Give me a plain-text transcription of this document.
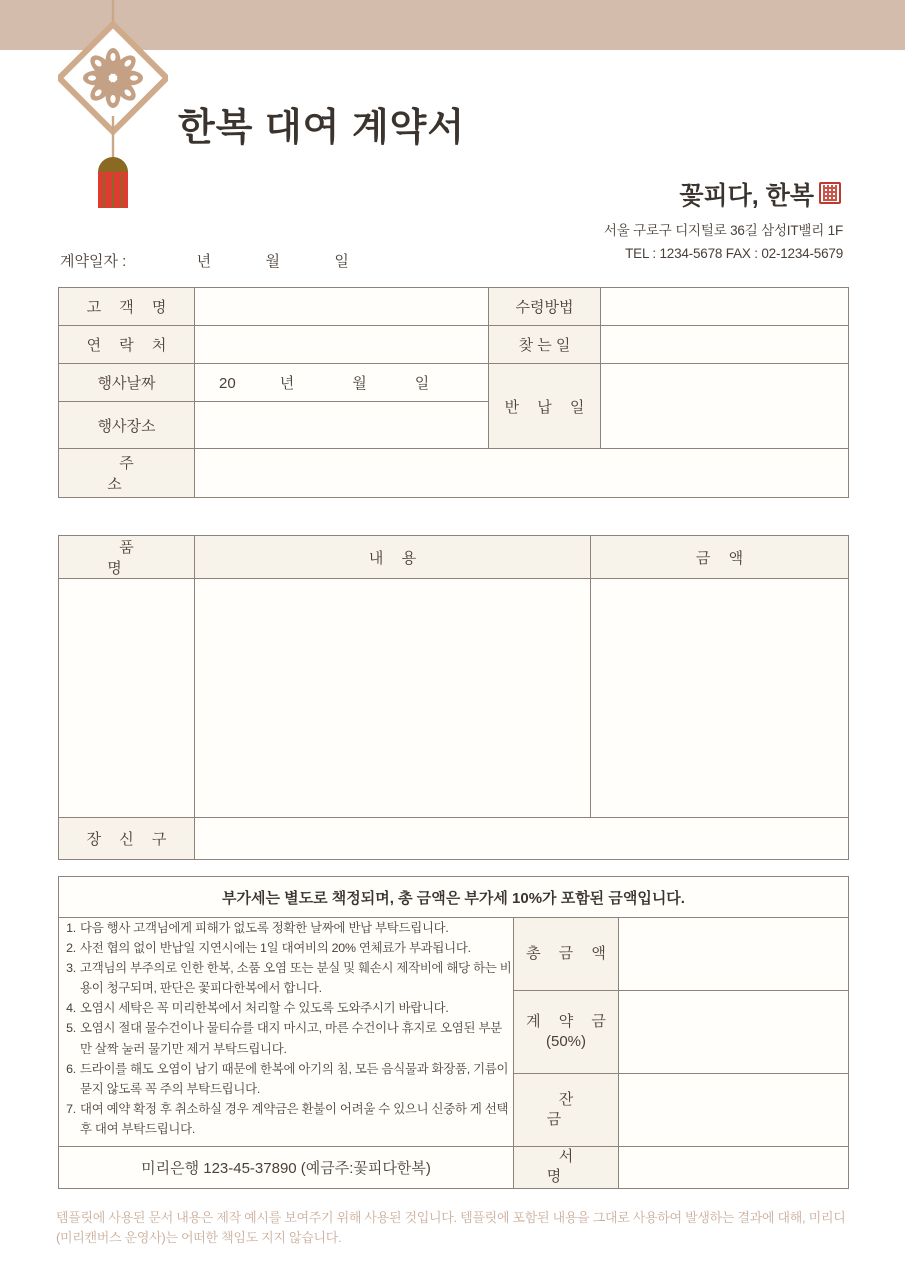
한복 대여 계약서
꽃피다, 한복
서울 구로구 디지털로 36길 삼성IT밸리 1F
TEL : 1234-5678 FAX : 02-1234-5679
계약일자 :	년	월	일
고 객 명		수령방법	
연 락 처		찾 는 일	
행사날짜	20 년 월 일	반 납 일	
행사장소			
주 소			
품 명	내 용	금 액

장 신 구		
부가세는 별도로 책정되며, 총 금액은 부가세 10%가 포함된 금액입니다.		

1. 다음 행사 고객님에게 피해가 없도록 정확한 날짜에 반납 부탁드립니다.
2. 사전 협의 없이 반납일 지연시에는 1일 대여비의 20% 연체료가 부과됩니다.
3. 고객님의 부주의로 인한 한복, 소품 오염 또는 분실 및 훼손시 제작비에 해당 하는 비용이 청구되며, 판단은 꽃피다한복에서 합니다.
4. 오염시 세탁은 꼭 미리한복에서 처리할 수 있도록 도와주시기 바랍니다.
5. 오염시 절대 물수건이나 물티슈를 대지 마시고, 마른 수건이나 휴지로 오염된 부분만 살짝 눌러 물기만 제거 부탁드립니다.
6. 드라이를 해도 오염이 남기 때문에 한복에 아기의 침, 모든 음식물과 화장품, 기름이 묻지 않도록 꼭 주의 부탁드립니다.
7. 대여 예약 확정 후 취소하실 경우 계약금은 환불이 어려울 수 있으니 신중하 게 선택 후 대여 부탁드립니다.
	총 금 액	

	계 약 금
(50%)	

	잔 금	
미리은행 123-45-37890 (예금주:꽃피다한복)	서 명	
템플릿에 사용된 문서 내용은 제작 예시를 보여주기 위해 사용된 것입니다. 템플릿에 포함된 내용을 그대로 사용하여 발생하는 결과에 대해, 미리디(미리캔버스 운영사)는 어떠한 책임도 지지 않습니다.
